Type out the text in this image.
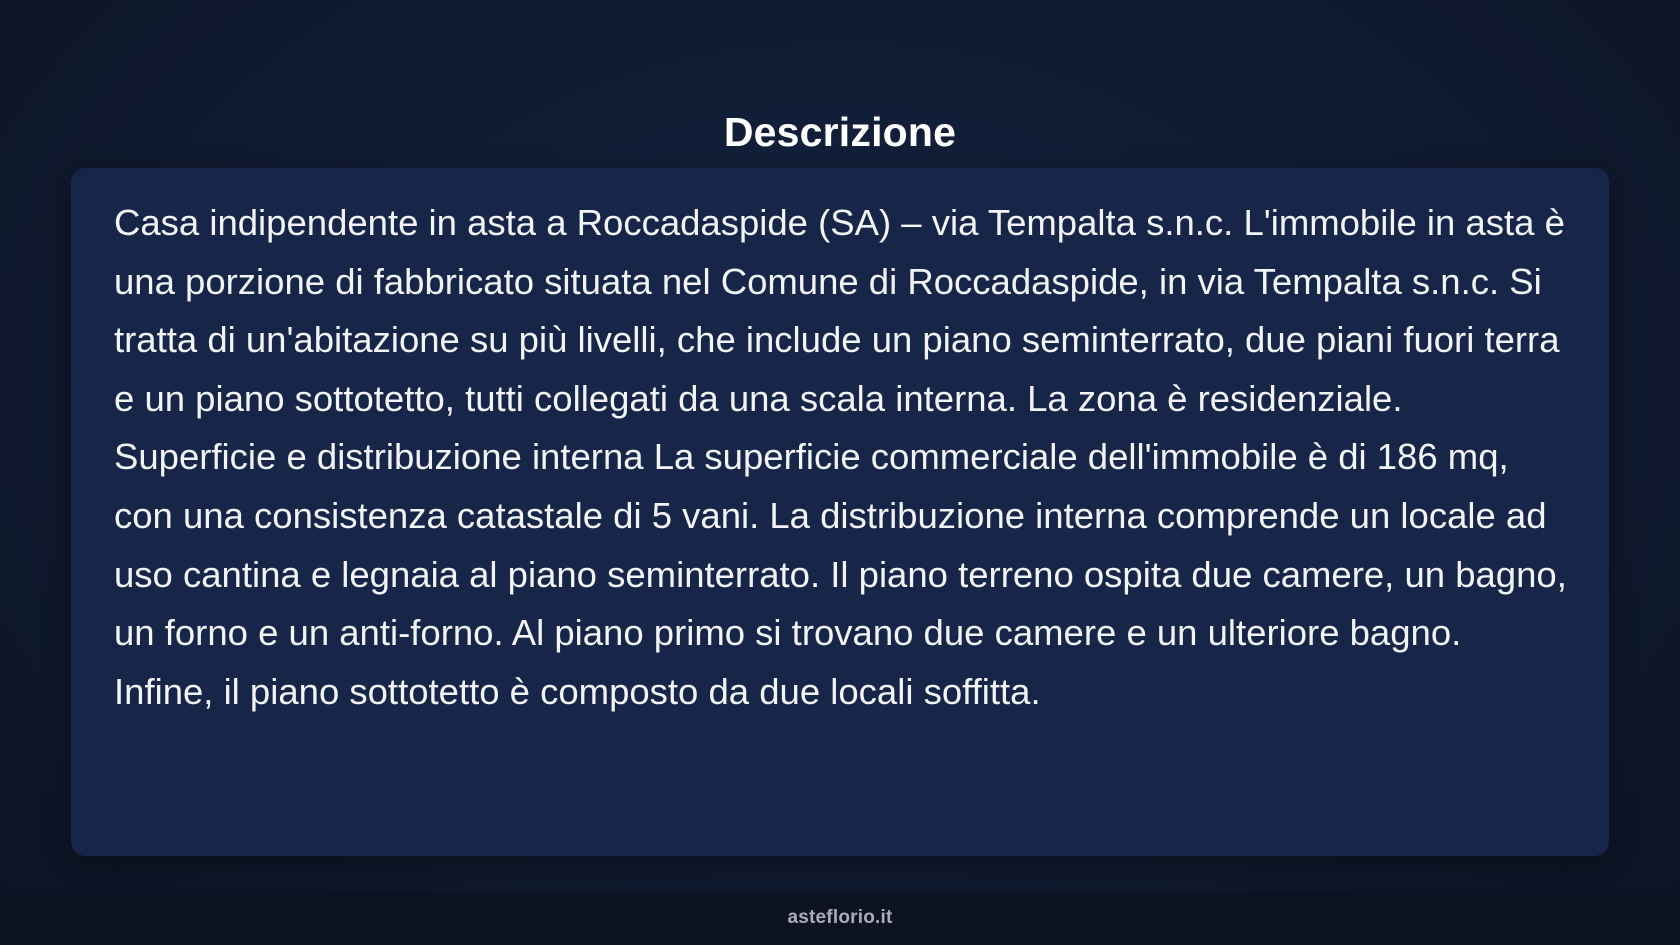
Descrizione

Casa indipendente in asta a Roccadaspide (SA) – via Tempalta s.n.c. L'immobile in asta è una porzione di fabbricato situata nel Comune di Roccadaspide, in via Tempalta s.n.c. Si tratta di un'abitazione su più livelli, che include un piano seminterrato, due piani fuori terra e un piano sottotetto, tutti collegati da una scala interna. La zona è residenziale. Superficie e distribuzione interna La superficie commerciale dell'immobile è di 186 mq, con una consistenza catastale di 5 vani. La distribuzione interna comprende un locale ad uso cantina e legnaia al piano seminterrato. Il piano terreno ospita due camere, un bagno, un forno e un anti-forno. Al piano primo si trovano due camere e un ulteriore bagno. Infine, il piano sottotetto è composto da due locali soffitta.

asteflorio.it
